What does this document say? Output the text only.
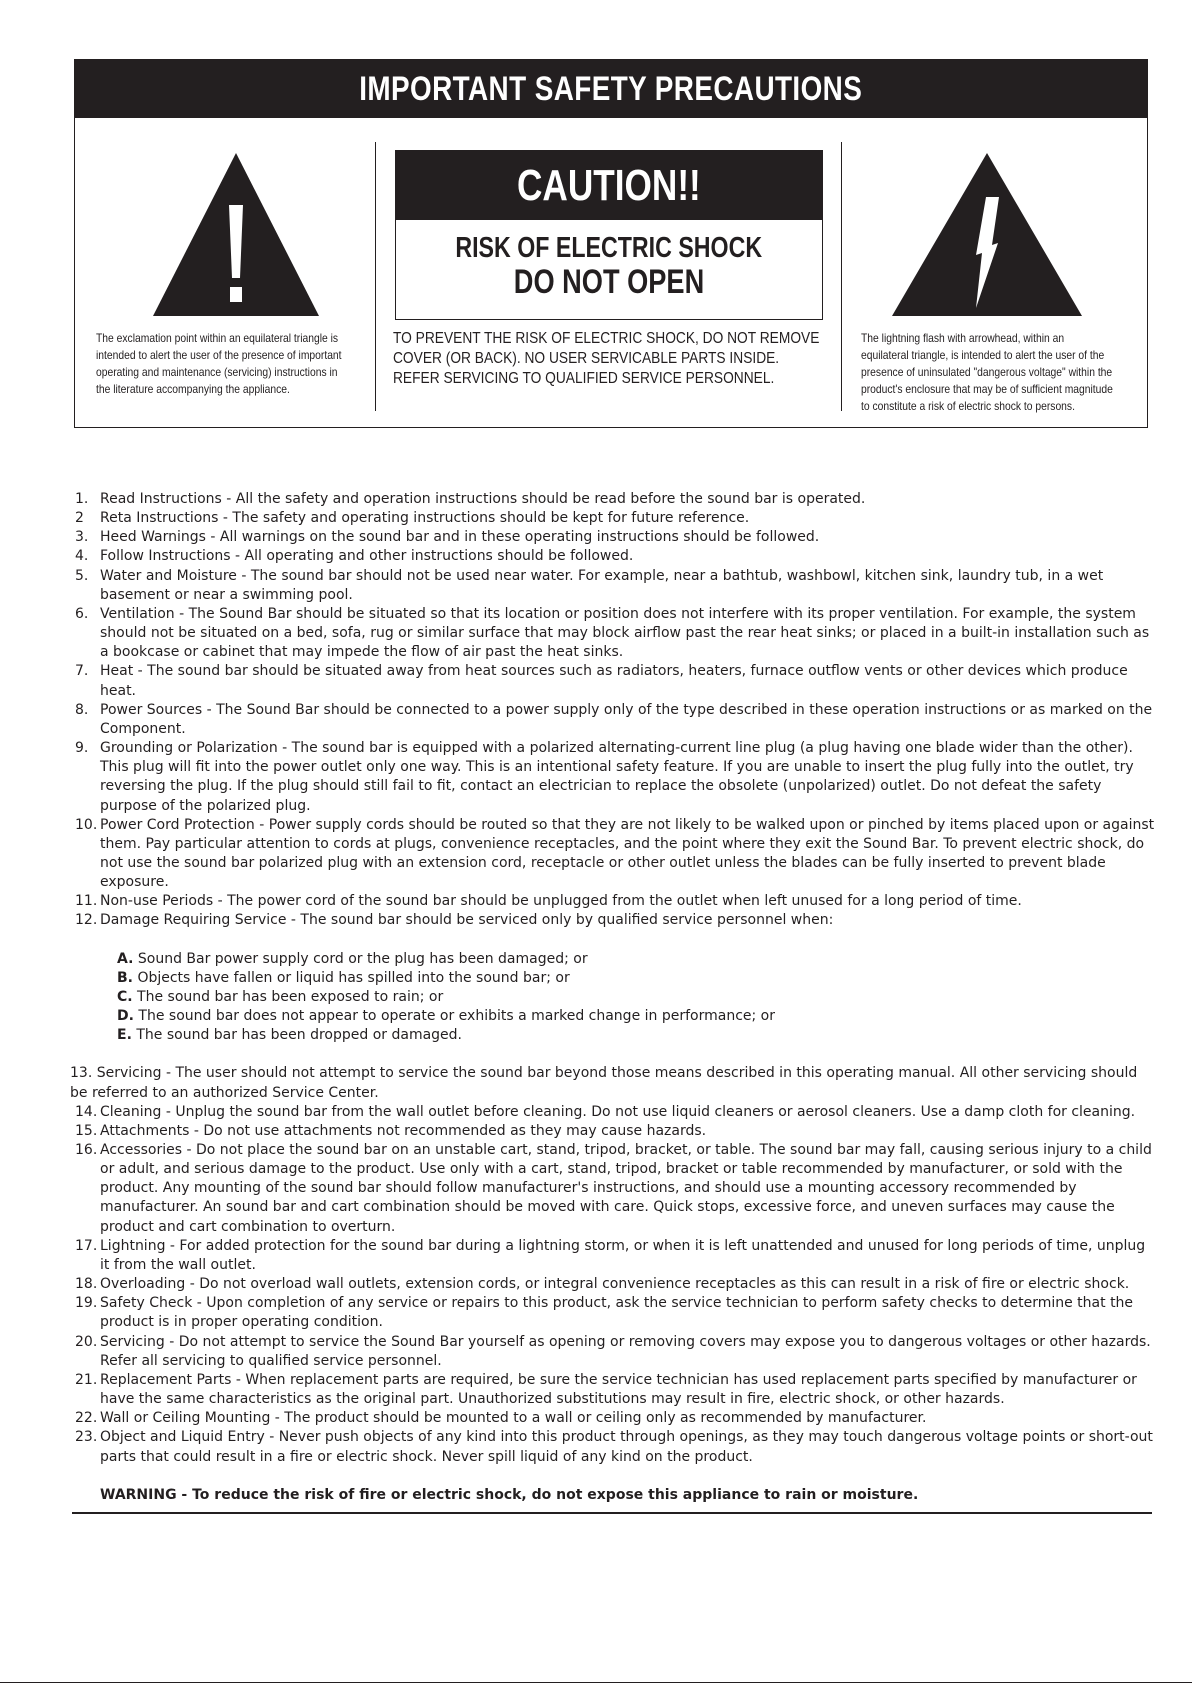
IMPORTANT SAFETY PRECAUTIONS
The exclamation point within an equilateral triangle is
intended to alert the user of the presence of important
operating and maintenance (servicing) instructions in
the literature accompanying the appliance.
CAUTION!!
RISK OF ELECTRIC SHOCK
DO NOT OPEN
TO PREVENT THE RISK OF ELECTRIC SHOCK, DO NOT REMOVE
COVER (OR BACK). NO USER SERVICABLE PARTS INSIDE.
REFER SERVICING TO QUALIFIED SERVICE PERSONNEL.
The lightning flash with arrowhead, within an
equilateral triangle, is intended to alert the user of the
presence of uninsulated "dangerous voltage" within the
product's enclosure that may be of sufficient magnitude
to constitute a risk of electric shock to persons.
1. Read Instructions - All the safety and operation instructions should be read before the sound bar is operated.
2 Reta Instructions - The safety and operating instructions should be kept for future reference.
3. Heed Warnings - All warnings on the sound bar and in these operating instructions should be followed.
4. Follow Instructions - All operating and other instructions should be followed.
5. Water and Moisture - The sound bar should not be used near water. For example, near a bathtub, washbowl, kitchen sink, laundry tub, in a wet basement or near a swimming pool.
6. Ventilation - The Sound Bar should be situated so that its location or position does not interfere with its proper ventilation. For example, the system should not be situated on a bed, sofa, rug or similar surface that may block airflow past the rear heat sinks; or placed in a built-in installation such as a bookcase or cabinet that may impede the flow of air past the heat sinks.
7. Heat - The sound bar should be situated away from heat sources such as radiators, heaters, furnace outflow vents or other devices which produce heat.
8. Power Sources - The Sound Bar should be connected to a power supply only of the type described in these operation instructions or as marked on the Component.
9. Grounding or Polarization - The sound bar is equipped with a polarized alternating-current line plug (a plug having one blade wider than the other). This plug will fit into the power outlet only one way. This is an intentional safety feature. If you are unable to insert the plug fully into the outlet, try reversing the plug. If the plug should still fail to fit, contact an electrician to replace the obsolete (unpolarized) outlet. Do not defeat the safety purpose of the polarized plug.
10. Power Cord Protection - Power supply cords should be routed so that they are not likely to be walked upon or pinched by items placed upon or against them. Pay particular attention to cords at plugs, convenience receptacles, and the point where they exit the Sound Bar. To prevent electric shock, do not use the sound bar polarized plug with an extension cord, receptacle or other outlet unless the blades can be fully inserted to prevent blade exposure.
11. Non-use Periods - The power cord of the sound bar should be unplugged from the outlet when left unused for a long period of time.
12. Damage Requiring Service - The sound bar should be serviced only by qualified service personnel when:
A. Sound Bar power supply cord or the plug has been damaged; or
B. Objects have fallen or liquid has spilled into the sound bar; or
C. The sound bar has been exposed to rain; or
D. The sound bar does not appear to operate or exhibits a marked change in performance; or
E. The sound bar has been dropped or damaged.
13. Servicing - The user should not attempt to service the sound bar beyond those means described in this operating manual. All other servicing should be referred to an authorized Service Center.
14. Cleaning - Unplug the sound bar from the wall outlet before cleaning. Do not use liquid cleaners or aerosol cleaners. Use a damp cloth for cleaning.
15. Attachments - Do not use attachments not recommended as they may cause hazards.
16. Accessories - Do not place the sound bar on an unstable cart, stand, tripod, bracket, or table. The sound bar may fall, causing serious injury to a child or adult, and serious damage to the product. Use only with a cart, stand, tripod, bracket or table recommended by manufacturer, or sold with the product. Any mounting of the sound bar should follow manufacturer's instructions, and should use a mounting accessory recommended by manufacturer. An sound bar and cart combination should be moved with care. Quick stops, excessive force, and uneven surfaces may cause the product and cart combination to overturn.
17. Lightning - For added protection for the sound bar during a lightning storm, or when it is left unattended and unused for long periods of time, unplug it from the wall outlet.
18. Overloading - Do not overload wall outlets, extension cords, or integral convenience receptacles as this can result in a risk of fire or electric shock.
19. Safety Check - Upon completion of any service or repairs to this product, ask the service technician to perform safety checks to determine that the product is in proper operating condition.
20. Servicing - Do not attempt to service the Sound Bar yourself as opening or removing covers may expose you to dangerous voltages or other hazards. Refer all servicing to qualified service personnel.
21. Replacement Parts - When replacement parts are required, be sure the service technician has used replacement parts specified by manufacturer or have the same characteristics as the original part. Unauthorized substitutions may result in fire, electric shock, or other hazards.
22. Wall or Ceiling Mounting - The product should be mounted to a wall or ceiling only as recommended by manufacturer.
23. Object and Liquid Entry - Never push objects of any kind into this product through openings, as they may touch dangerous voltage points or short-out parts that could result in a fire or electric shock. Never spill liquid of any kind on the product.
WARNING - To reduce the risk of fire or electric shock, do not expose this appliance to rain or moisture.
